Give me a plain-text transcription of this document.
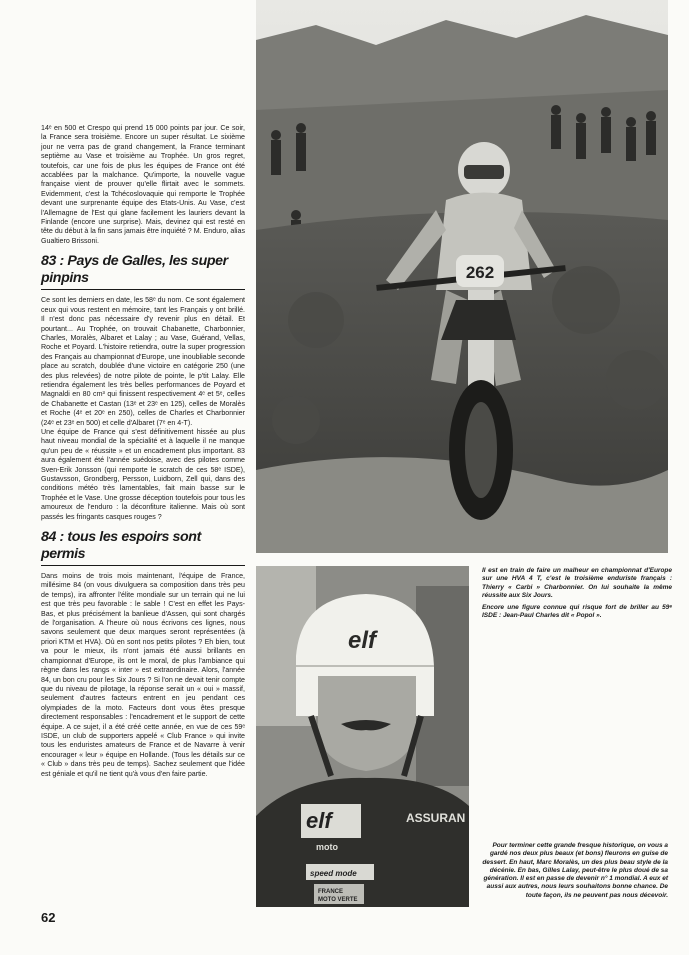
14ᵉ en 500 et Crespo qui prend 15 000 points par jour. Ce soir, la France sera troisième. Encore un super résultat. Le sixième jour ne verra pas de grand changement, la France terminant septième au Vase et troisième au Trophée. Un gros regret, toutefois, car une fois de plus les équipes de France ont été accablées par la malchance. Qu'importe, la nouvelle vague française vient de prouver qu'elle flirtait avec le sommets. Evidemment, c'est la Tchécoslovaquie qui remporte le Trophée devant une surprenante équipe des Etats-Unis. Au Vase, c'est l'Allemagne de l'Est qui glane facilement les lauriers devant la Finlande (encore une surprise). Mais, devinez qui est resté en tête du début à la fin sans jamais être inquiété ? M. Enduro, alias Gualtiero Brissoni.

83 : Pays de Galles, les super pinpins

Ce sont les derniers en date, les 58ᵉ du nom. Ce sont également ceux qui vous restent en mémoire, tant les Français y ont brillé. Il n'est donc pas nécessaire d'y revenir plus en détail. Et pourtant... Au Trophée, on trouvait Chabanette, Charbonnier, Charles, Moralès, Albaret et Lalay ; au Vase, Guérand, Vellas, Roche et Poyard. L'histoire retiendra, outre la super progression des Français au championnat d'Europe, une inoubliable seconde place au scratch, doublée d'une victoire en catégorie 250 (une des plus relevées) de notre pilote de pointe, le p'tit Lalay. Elle retiendra également les très belles performances de Poyard et Magnaldi en 80 cm³ qui finissent respectivement 4ᵉ et 5ᵉ, celles de Chabanette et Castan (13ᵉ et 23ᵉ en 125), celles de Moralès et Roche (4ᵉ et 20ᵉ en 250), celles de Charles et Charbonnier (24ᵉ et 23ᵉ en 500) et celle d'Albaret (7ᵉ en 4-T).

Une équipe de France qui s'est définitivement hissée au plus haut niveau mondial de la spécialité et à laquelle il ne manque qu'un peu de « réussite » et un encadrement plus important. 83 aura également été l'année suédoise, avec des pilotes comme Sven-Erik Jonsson (qui remporte le scratch de ces 58ᵉ ISDE), Gustavsson, Grondberg, Persson, Luidborn, Zell qui, dans des conditions météo très lamentables, fait main basse sur le Trophée et le Vase. Une grosse déception toutefois pour tous les amoureux de l'enduro : la déconfiture italienne. Mais où sont passés les fringants casques rouges ?

84 : tous les espoirs sont permis

Dans moins de trois mois maintenant, l'équipe de France, millésime 84 (on vous divulguera sa composition dans très peu de temps), ira affronter l'élite mondiale sur un terrain qui ne lui est que très peu favorable : le sable ! C'est en effet les Pays-Bas, et plus précisément la banlieue d'Assen, qui sont chargés de l'organisation. A l'heure où nous écrivons ces lignes, nous savons seulement que deux marques seront représentées (à priori KTM et HVA). Où en sont nos petits pilotes ? Eh bien, tout va pour le mieux, ils n'ont jamais été aussi brillants en championnat d'Europe, ils ont le moral, de plus l'ambiance qui règne dans les rangs « inter » est extraordinaire. Alors, l'année 84, un bon cru pour les Six Jours ? Si l'on ne devait tenir compte que du niveau de pilotage, la réponse serait un « oui » massif, seulement d'autres facteurs entrent en jeu pendant ces olympiades de la moto. Facteurs dont vous êtes presque directement responsables : l'encadrement et le support de cette équipe. A ce sujet, il a été créé cette année, en vue de ces 59ᵉ ISDE, un club de supporters appelé « Club France » qui invite tous les enduristes amateurs de France et de Navarre à venir encourager « leur » équipe en Hollande. (Tous les détails sur ce « Club » dans très peu de temps). Sachez seulement que l'idée est géniale et qu'il ne tient qu'à vous d'en faire partie.

62
262
elf
elf
moto
ASSURAN
speed mode
FRANCE
MOTO VERTE

Il est en train de faire un malheur en championnat d'Europe sur une HVA 4 T, c'est le troisième enduriste français : Thierry « Carbi » Charbonnier. On lui souhaite la même réussite aux Six Jours.

Encore une figure connue qui risque fort de briller au 59ᵉ ISDE : Jean-Paul Charles dit « Popol ».

Pour terminer cette grande fresque historique, on vous a gardé nos deux plus beaux (et bons) fleurons en guise de dessert. En haut, Marc Moralès, un des plus beau style de la décénie. En bas, Gilles Lalay, peut-être le plus doué de sa génération. Il est en passe de devenir n° 1 mondial. A eux et aussi aux autres, nous leurs souhaitons bonne chance. De toute façon, ils ne peuvent pas nous décevoir.
